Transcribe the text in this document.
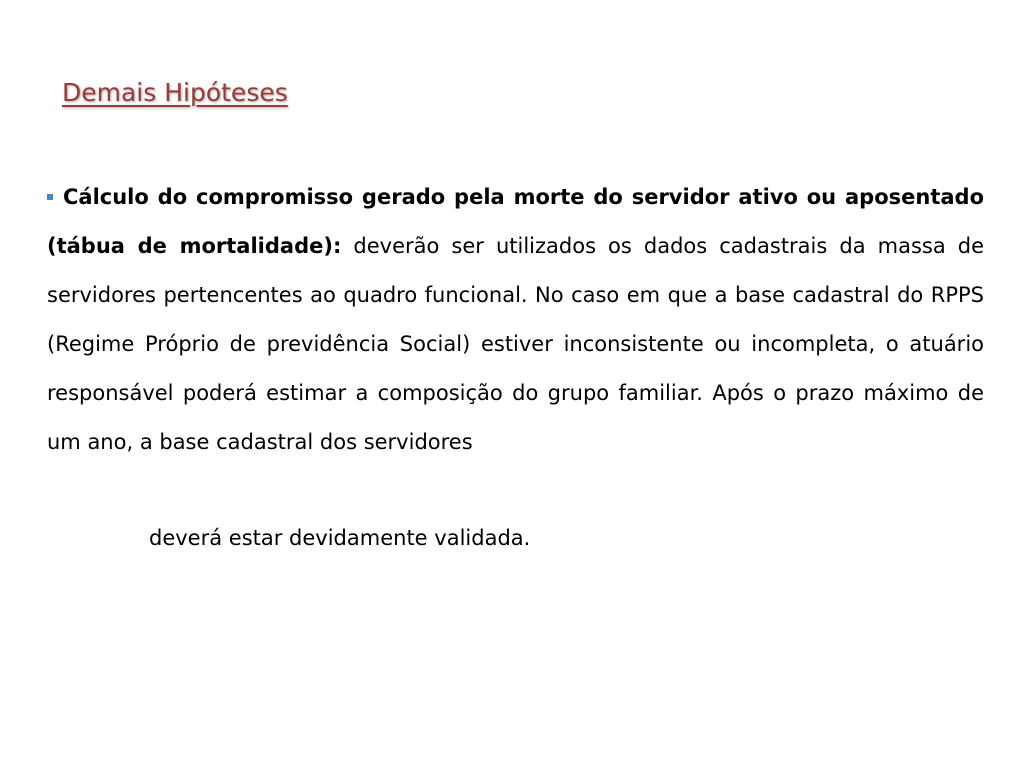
Demais Hipóteses

Cálculo do compromisso gerado pela morte do servidor ativo ou aposentado (tábua de mortalidade): deverão ser utilizados os dados cadastrais da massa de servidores pertencentes ao quadro funcional. No caso em que a base cadastral do RPPS (Regime Próprio de previdência Social) estiver inconsistente ou incompleta, o atuário responsável poderá estimar a composição do grupo familiar. Após o prazo máximo de um ano, a base cadastral dos servidores

deverá estar devidamente validada.
